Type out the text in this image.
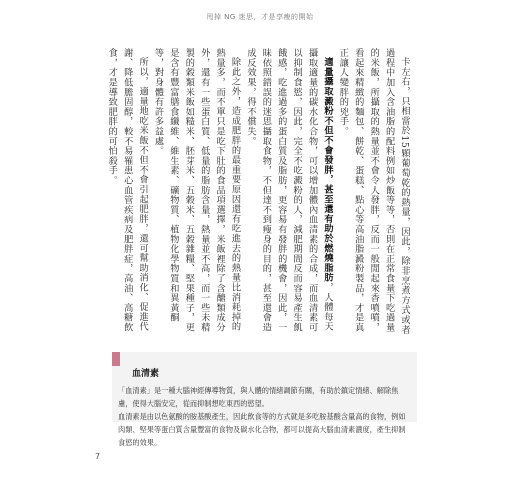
甩掉 NG 迷思，才是享瘦的開始

卡左右，只相當於15顆葡萄乾的熱量，因此，除非烹煮方式或者過程中加入含油脂的配料例如炒飯等等，否則在正常食量下吃過量的米飯，所攝取的熱量並不會令人發胖，反而一般閒起來香噴噴，看起來精緻的麵包、餅乾、蛋糕、點心等高油脂澱粉製品，才是真正讓人變胖的兇手。

適量攝取澱粉不但不會發胖，甚至還有助於燃燒脂肪，人體每天攝取適量的碳水化合物，可以增加體內血清素的合成，而血清素可以抑制食慾，因此，完全不吃澱粉的人，減肥期間反而容易產生飢餓感，吃進過多的蛋白質及脂肪，更容易有發胖的機會，因此，一昧依照錯誤的迷思攝取食物，不但達不到瘦身的目的，甚至還會造成反效果，得不償失。

除此之外，造成肥胖的最重要原因還有吃進去的熱量比消耗掉的熱量多，而不單只是吃下肚的食品項選擇，米飯裡除了含醣類成分外，還有一些蛋白質、低量的脂肪含量，熱量並不高，而一些未精製的穀類米飯如糙米、胚芽米、五穀米、五穀雜糧、堅果種子，更是含有豐富膳食纖維、維生素、礦物質、植物化學物質和異黃酮等，對身體有許多益處。

所以，適量地吃米飯不但不會引起肥胖，還可幫助消化、促進代謝、降低膽固醇，較不易罹患心血管疾病及肥胖症，高油、高糖飲食，才是導致肥胖的可怕殺手。

血清素

「血清素」是一種大腦神經傳導物質，與人體的情緒調節有關，有助於鎮定情緒、解除焦慮，使得大腦安定，從而抑制想吃東西的慾望。

血清素是由以色氨酸的胺基酸產生，因此飲食等的方式就是多吃胺基酸含量高的食物，例如肉類、堅果等蛋白質含量豐富的食物及碳水化合物，都可以提高大腦血清素濃度，產生抑制食慾的效果。

7
